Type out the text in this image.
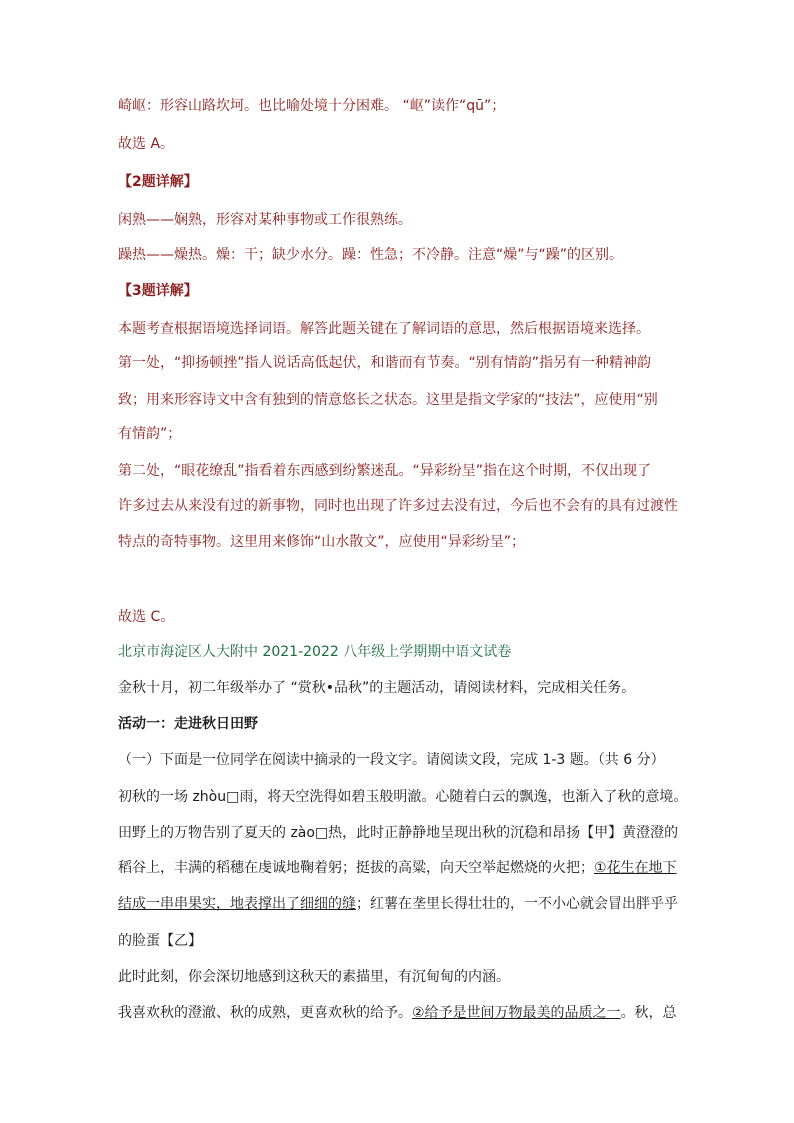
崎岖：形容山路坎坷。也比喻处境十分困难。 “岖”读作“qū”；
故选 A。
【2题详解】
闲熟——娴熟，形容对某种事物或工作很熟练。
躁热——燥热。燥：干；缺少水分。躁：性急；不冷静。注意“燥”与“躁”的区别。
【3题详解】
本题考查根据语境选择词语。解答此题关键在了解词语的意思，然后根据语境来选择。
第一处，“抑扬顿挫”指人说话高低起伏，和谐而有节奏。“别有情韵”指另有一种精神韵
致；用来形容诗文中含有独到的情意悠长之状态。这里是指文学家的“技法”，应使用“别
有情韵”；
第二处，“眼花缭乱”指看着东西感到纷繁迷乱。“异彩纷呈”指在这个时期，不仅出现了
许多过去从来没有过的新事物，同时也出现了许多过去没有过，今后也不会有的具有过渡性
特点的奇特事物。这里用来修饰“山水散文”，应使用“异彩纷呈”；
故选 C。
北京市海淀区人大附中 2021-2022 八年级上学期期中语文试卷
金秋十月，初二年级举办了 “赏秋•品秋”的主题活动，请阅读材料，完成相关任务。
活动一：走进秋日田野
（一）下面是一位同学在阅读中摘录的一段文字。请阅读文段，完成 1-3 题。（共 6 分）
初秋的一场 zhòu□雨，将天空洗得如碧玉般明澈。心随着白云的飘逸，也渐入了秋的意境。
田野上的万物告别了夏天的 zào□热，此时正静静地呈现出秋的沉稳和昂扬【甲】黄澄澄的
稻谷上，丰满的稻穗在虔诚地鞠着躬；挺拔的高粱，向天空举起燃烧的火把；①花生在地下
结成一串串果实，地表撑出了细细的缝；红薯在垄里长得壮壮的，一不小心就会冒出胖乎乎
的脸蛋【乙】
此时此刻，你会深切地感到这秋天的素描里，有沉甸甸的内涵。
我喜欢秋的澄澈、秋的成熟，更喜欢秋的给予。②给予是世间万物最美的品质之一。秋，总
